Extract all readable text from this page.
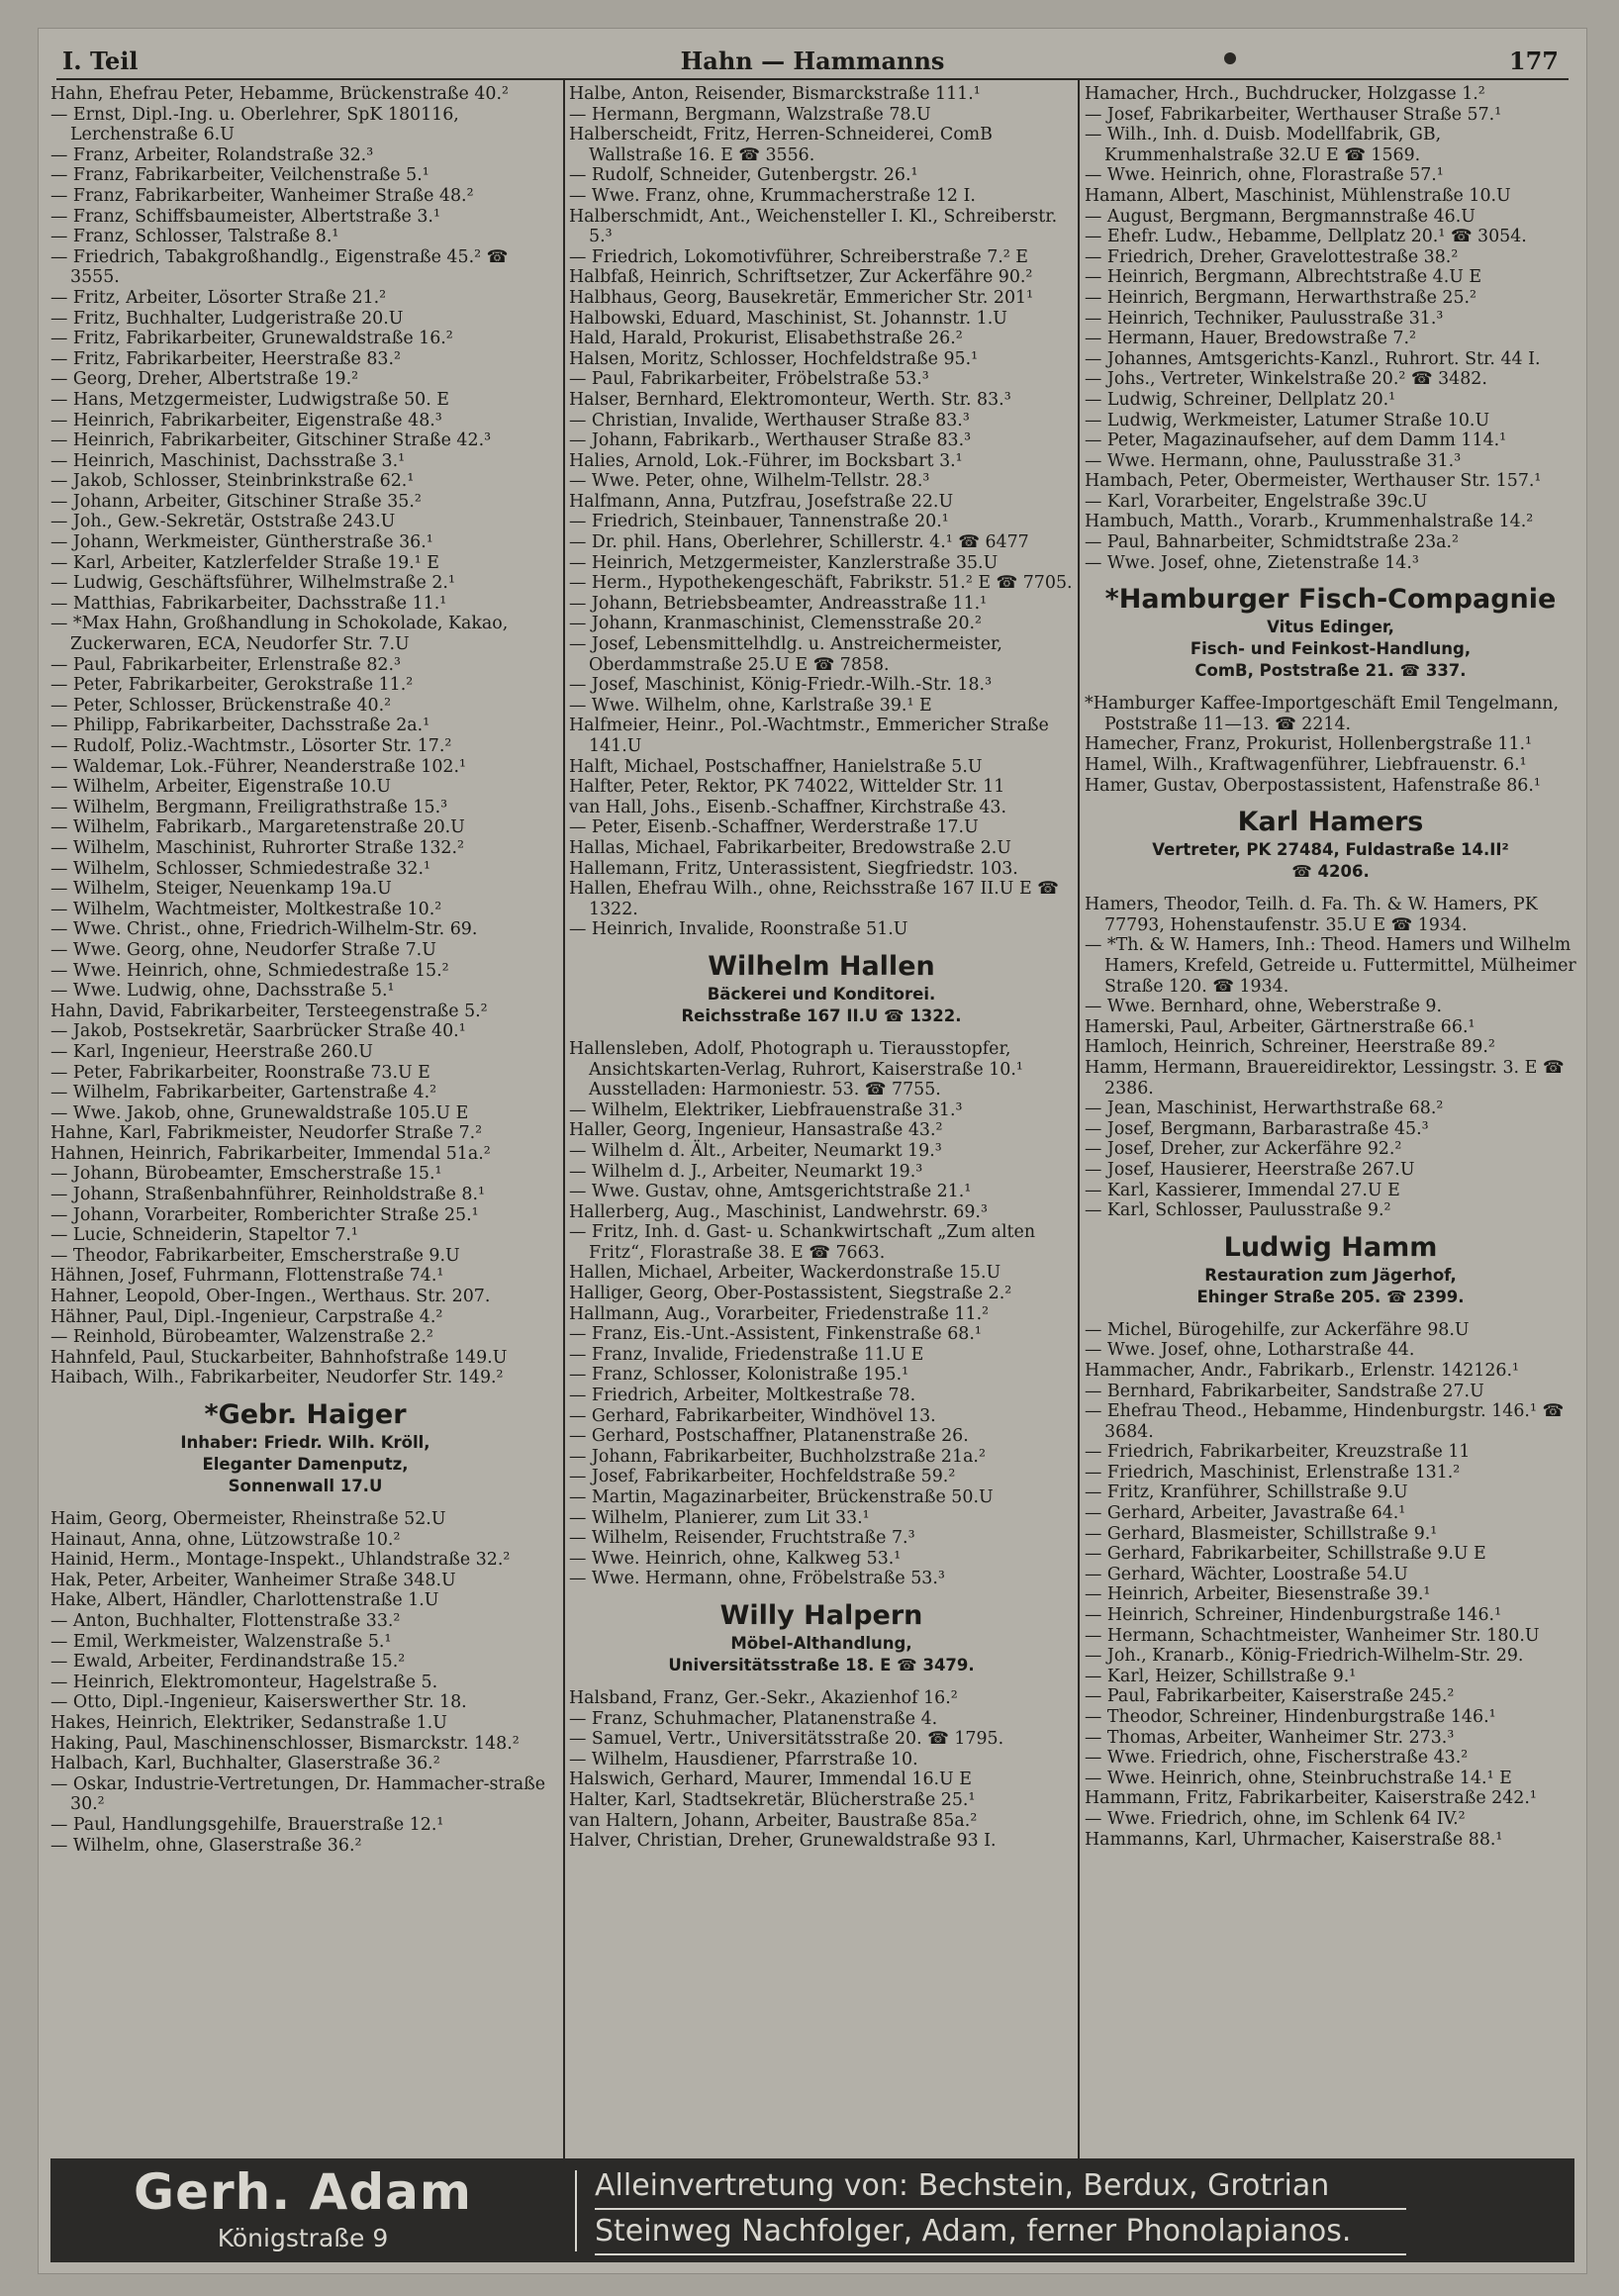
I. Teil	Hahn — Hammanns	177
Hahn, Ehefrau Peter, Hebamme, Brückenstraße 40.²
— Ernst, Dipl.-Ing. u. Oberlehrer, SpK 180116, Lerchenstraße 6.U
— Franz, Arbeiter, Rolandstraße 32.³
— Franz, Fabrikarbeiter, Veilchenstraße 5.¹
— Franz, Fabrikarbeiter, Wanheimer Straße 48.²
— Franz, Schiffsbaumeister, Albertstraße 3.¹
— Franz, Schlosser, Talstraße 8.¹
— Friedrich, Tabakgroßhandlg., Eigenstraße 45.² ☎ 3555.
— Fritz, Arbeiter, Lösorter Straße 21.²
— Fritz, Buchhalter, Ludgeristraße 20.U
— Fritz, Fabrikarbeiter, Grunewaldstraße 16.²
— Fritz, Fabrikarbeiter, Heerstraße 83.²
— Georg, Dreher, Albertstraße 19.²
— Hans, Metzgermeister, Ludwigstraße 50. E
— Heinrich, Fabrikarbeiter, Eigenstraße 48.³
— Heinrich, Fabrikarbeiter, Gitschiner Straße 42.³
— Heinrich, Maschinist, Dachsstraße 3.¹
— Jakob, Schlosser, Steinbrinkstraße 62.¹
— Johann, Arbeiter, Gitschiner Straße 35.²
— Joh., Gew.-Sekretär, Oststraße 243.U
— Johann, Werkmeister, Güntherstraße 36.¹
— Karl, Arbeiter, Katzlerfelder Straße 19.¹ E
— Ludwig, Geschäftsführer, Wilhelmstraße 2.¹
— Matthias, Fabrikarbeiter, Dachsstraße 11.¹
— *Max Hahn, Großhandlung in Schokolade, Kakao, Zuckerwaren, ECA, Neudorfer Str. 7.U
— Paul, Fabrikarbeiter, Erlenstraße 82.³
— Peter, Fabrikarbeiter, Gerokstraße 11.²
— Peter, Schlosser, Brückenstraße 40.²
— Philipp, Fabrikarbeiter, Dachsstraße 2a.¹
— Rudolf, Poliz.-Wachtmstr., Lösorter Str. 17.²
— Waldemar, Lok.-Führer, Neanderstraße 102.¹
— Wilhelm, Arbeiter, Eigenstraße 10.U
— Wilhelm, Bergmann, Freiligrathstraße 15.³
— Wilhelm, Fabrikarb., Margaretenstraße 20.U
— Wilhelm, Maschinist, Ruhrorter Straße 132.²
— Wilhelm, Schlosser, Schmiedestraße 32.¹
— Wilhelm, Steiger, Neuenkamp 19a.U
— Wilhelm, Wachtmeister, Moltkestraße 10.²
— Wwe. Christ., ohne, Friedrich-Wilhelm-Str. 69.
— Wwe. Georg, ohne, Neudorfer Straße 7.U
— Wwe. Heinrich, ohne, Schmiedestraße 15.²
— Wwe. Ludwig, ohne, Dachsstraße 5.¹
Hahn, David, Fabrikarbeiter, Tersteegenstraße 5.²
— Jakob, Postsekretär, Saarbrücker Straße 40.¹
— Karl, Ingenieur, Heerstraße 260.U
— Peter, Fabrikarbeiter, Roonstraße 73.U E
— Wilhelm, Fabrikarbeiter, Gartenstraße 4.²
— Wwe. Jakob, ohne, Grunewaldstraße 105.U E
Hahne, Karl, Fabrikmeister, Neudorfer Straße 7.²
Hahnen, Heinrich, Fabrikarbeiter, Immendal 51a.²
— Johann, Bürobeamter, Emscherstraße 15.¹
— Johann, Straßenbahnführer, Reinholdstraße 8.¹
— Johann, Vorarbeiter, Romberichter Straße 25.¹
— Lucie, Schneiderin, Stapeltor 7.¹
— Theodor, Fabrikarbeiter, Emscherstraße 9.U
Hähnen, Josef, Fuhrmann, Flottenstraße 74.¹
Hahner, Leopold, Ober-Ingen., Werthaus. Str. 207.
Hähner, Paul, Dipl.-Ingenieur, Carpstraße 4.²
— Reinhold, Bürobeamter, Walzenstraße 2.²
Hahnfeld, Paul, Stuckarbeiter, Bahnhofstraße 149.U
Haibach, Wilh., Fabrikarbeiter, Neudorfer Str. 149.²
*Gebr. Haiger
Inhaber: Friedr. Wilh. Kröll,
Eleganter Damenputz,
Sonnenwall 17.U
Haim, Georg, Obermeister, Rheinstraße 52.U
Hainaut, Anna, ohne, Lützowstraße 10.²
Hainid, Herm., Montage-Inspekt., Uhlandstraße 32.²
Hak, Peter, Arbeiter, Wanheimer Straße 348.U
Hake, Albert, Händler, Charlottenstraße 1.U
— Anton, Buchhalter, Flottenstraße 33.²
— Emil, Werkmeister, Walzenstraße 5.¹
— Ewald, Arbeiter, Ferdinandstraße 15.²
— Heinrich, Elektromonteur, Hagelstraße 5.
— Otto, Dipl.-Ingenieur, Kaiserswerther Str. 18.
Hakes, Heinrich, Elektriker, Sedanstraße 1.U
Haking, Paul, Maschinenschlosser, Bismarckstr. 148.²
Halbach, Karl, Buchhalter, Glaserstraße 36.²
— Oskar, Industrie-Vertretungen, Dr. Hammacher-straße 30.²
— Paul, Handlungsgehilfe, Brauerstraße 12.¹
— Wilhelm, ohne, Glaserstraße 36.²
Halbe, Anton, Reisender, Bismarckstraße 111.¹
— Hermann, Bergmann, Walzstraße 78.U
Halberscheidt, Fritz, Herren-Schneiderei, ComB Wallstraße 16. E ☎ 3556.
— Rudolf, Schneider, Gutenbergstr. 26.¹
— Wwe. Franz, ohne, Krummacherstraße 12 I.
Halberschmidt, Ant., Weichensteller I. Kl., Schreiberstr. 5.³
— Friedrich, Lokomotivführer, Schreiberstraße 7.² E
Halbfaß, Heinrich, Schriftsetzer, Zur Ackerfähre 90.²
Halbhaus, Georg, Bausekretär, Emmericher Str. 201¹
Halbowski, Eduard, Maschinist, St. Johannstr. 1.U
Hald, Harald, Prokurist, Elisabethstraße 26.²
Halsen, Moritz, Schlosser, Hochfeldstraße 95.¹
— Paul, Fabrikarbeiter, Fröbelstraße 53.³
Halser, Bernhard, Elektromonteur, Werth. Str. 83.³
— Christian, Invalide, Werthauser Straße 83.³
— Johann, Fabrikarb., Werthauser Straße 83.³
Halies, Arnold, Lok.-Führer, im Bocksbart 3.¹
— Wwe. Peter, ohne, Wilhelm-Tellstr. 28.³
Halfmann, Anna, Putzfrau, Josefstraße 22.U
— Friedrich, Steinbauer, Tannenstraße 20.¹
— Dr. phil. Hans, Oberlehrer, Schillerstr. 4.¹ ☎ 6477
— Heinrich, Metzgermeister, Kanzlerstraße 35.U
— Herm., Hypothekengeschäft, Fabrikstr. 51.² E ☎ 7705.
— Johann, Betriebsbeamter, Andreasstraße 11.¹
— Johann, Kranmaschinist, Clemensstraße 20.²
— Josef, Lebensmittelhdlg. u. Anstreichermeister, Oberdammstraße 25.U E ☎ 7858.
— Josef, Maschinist, König-Friedr.-Wilh.-Str. 18.³
— Wwe. Wilhelm, ohne, Karlstraße 39.¹ E
Halfmeier, Heinr., Pol.-Wachtmstr., Emmericher Straße 141.U
Halft, Michael, Postschaffner, Hanielstraße 5.U
Halfter, Peter, Rektor, PK 74022, Wittelder Str. 11
van Hall, Johs., Eisenb.-Schaffner, Kirchstraße 43.
— Peter, Eisenb.-Schaffner, Werderstraße 17.U
Hallas, Michael, Fabrikarbeiter, Bredowstraße 2.U
Hallemann, Fritz, Unterassistent, Siegfriedstr. 103.
Hallen, Ehefrau Wilh., ohne, Reichsstraße 167 II.U E ☎ 1322.
— Heinrich, Invalide, Roonstraße 51.U
Wilhelm Hallen
Bäckerei und Konditorei.
Reichsstraße 167 II.U ☎ 1322.
Hallensleben, Adolf, Photograph u. Tierausstopfer, Ansichtskarten-Verlag, Ruhrort, Kaiserstraße 10.¹ Ausstelladen: Harmoniestr. 53. ☎ 7755.
— Wilhelm, Elektriker, Liebfrauenstraße 31.³
Haller, Georg, Ingenieur, Hansastraße 43.²
— Wilhelm d. Ält., Arbeiter, Neumarkt 19.³
— Wilhelm d. J., Arbeiter, Neumarkt 19.³
— Wwe. Gustav, ohne, Amtsgerichtstraße 21.¹
Hallerberg, Aug., Maschinist, Landwehrstr. 69.³
— Fritz, Inh. d. Gast- u. Schankwirtschaft „Zum alten Fritz“, Florastraße 38. E ☎ 7663.
Hallen, Michael, Arbeiter, Wackerdonstraße 15.U
Halliger, Georg, Ober-Postassistent, Siegstraße 2.²
Hallmann, Aug., Vorarbeiter, Friedenstraße 11.²
— Franz, Eis.-Unt.-Assistent, Finkenstraße 68.¹
— Franz, Invalide, Friedenstraße 11.U E
— Franz, Schlosser, Kolonistraße 195.¹
— Friedrich, Arbeiter, Moltkestraße 78.
— Gerhard, Fabrikarbeiter, Windhövel 13.
— Gerhard, Postschaffner, Platanenstraße 26.
— Johann, Fabrikarbeiter, Buchholzstraße 21a.²
— Josef, Fabrikarbeiter, Hochfeldstraße 59.²
— Martin, Magazinarbeiter, Brückenstraße 50.U
— Wilhelm, Planierer, zum Lit 33.¹
— Wilhelm, Reisender, Fruchtstraße 7.³
— Wwe. Heinrich, ohne, Kalkweg 53.¹
— Wwe. Hermann, ohne, Fröbelstraße 53.³
Willy Halpern
Möbel-Althandlung,
Universitätsstraße 18. E ☎ 3479.
Halsband, Franz, Ger.-Sekr., Akazienhof 16.²
— Franz, Schuhmacher, Platanenstraße 4.
— Samuel, Vertr., Universitätsstraße 20. ☎ 1795.
— Wilhelm, Hausdiener, Pfarrstraße 10.
Halswich, Gerhard, Maurer, Immendal 16.U E
Halter, Karl, Stadtsekretär, Blücherstraße 25.¹
van Haltern, Johann, Arbeiter, Baustraße 85a.²
Halver, Christian, Dreher, Grunewaldstraße 93 I.
Hamacher, Hrch., Buchdrucker, Holzgasse 1.²
— Josef, Fabrikarbeiter, Werthauser Straße 57.¹
— Wilh., Inh. d. Duisb. Modellfabrik, GB, Krummenhalstraße 32.U E ☎ 1569.
— Wwe. Heinrich, ohne, Florastraße 57.¹
Hamann, Albert, Maschinist, Mühlenstraße 10.U
— August, Bergmann, Bergmannstraße 46.U
— Ehefr. Ludw., Hebamme, Dellplatz 20.¹ ☎ 3054.
— Friedrich, Dreher, Gravelottestraße 38.²
— Heinrich, Bergmann, Albrechtstraße 4.U E
— Heinrich, Bergmann, Herwarthstraße 25.²
— Heinrich, Techniker, Paulusstraße 31.³
— Hermann, Hauer, Bredowstraße 7.²
— Johannes, Amtsgerichts-Kanzl., Ruhrort. Str. 44 I.
— Johs., Vertreter, Winkelstraße 20.² ☎ 3482.
— Ludwig, Schreiner, Dellplatz 20.¹
— Ludwig, Werkmeister, Latumer Straße 10.U
— Peter, Magazinaufseher, auf dem Damm 114.¹
— Wwe. Hermann, ohne, Paulusstraße 31.³
Hambach, Peter, Obermeister, Werthauser Str. 157.¹
— Karl, Vorarbeiter, Engelstraße 39c.U
Hambuch, Matth., Vorarb., Krummenhalstraße 14.²
— Paul, Bahnarbeiter, Schmidtstraße 23a.²
— Wwe. Josef, ohne, Zietenstraße 14.³
*Hamburger Fisch-Compagnie
Vitus Edinger,
Fisch- und Feinkost-Handlung,
ComB, Poststraße 21. ☎ 337.
*Hamburger Kaffee-Importgeschäft Emil Tengelmann, Poststraße 11—13. ☎ 2214.
Hamecher, Franz, Prokurist, Hollenbergstraße 11.¹
Hamel, Wilh., Kraftwagenführer, Liebfrauenstr. 6.¹
Hamer, Gustav, Oberpostassistent, Hafenstraße 86.¹
Karl Hamers
Vertreter, PK 27484, Fuldastraße 14.II²
☎ 4206.
Hamers, Theodor, Teilh. d. Fa. Th. & W. Hamers, PK 77793, Hohenstaufenstr. 35.U E ☎ 1934.
— *Th. & W. Hamers, Inh.: Theod. Hamers und Wilhelm Hamers, Krefeld, Getreide u. Futtermittel, Mülheimer Straße 120. ☎ 1934.
— Wwe. Bernhard, ohne, Weberstraße 9.
Hamerski, Paul, Arbeiter, Gärtnerstraße 66.¹
Hamloch, Heinrich, Schreiner, Heerstraße 89.²
Hamm, Hermann, Brauereidirektor, Lessingstr. 3. E ☎ 2386.
— Jean, Maschinist, Herwarthstraße 68.²
— Josef, Bergmann, Barbarastraße 45.³
— Josef, Dreher, zur Ackerfähre 92.²
— Josef, Hausierer, Heerstraße 267.U
— Karl, Kassierer, Immendal 27.U E
— Karl, Schlosser, Paulusstraße 9.²
Ludwig Hamm
Restauration zum Jägerhof,
Ehinger Straße 205. ☎ 2399.
— Michel, Bürogehilfe, zur Ackerfähre 98.U
— Wwe. Josef, ohne, Lotharstraße 44.
Hammacher, Andr., Fabrikarb., Erlenstr. 142126.¹
— Bernhard, Fabrikarbeiter, Sandstraße 27.U
— Ehefrau Theod., Hebamme, Hindenburgstr. 146.¹ ☎ 3684.
— Friedrich, Fabrikarbeiter, Kreuzstraße 11
— Friedrich, Maschinist, Erlenstraße 131.²
— Fritz, Kranführer, Schillstraße 9.U
— Gerhard, Arbeiter, Javastraße 64.¹
— Gerhard, Blasmeister, Schillstraße 9.¹
— Gerhard, Fabrikarbeiter, Schillstraße 9.U E
— Gerhard, Wächter, Loostraße 54.U
— Heinrich, Arbeiter, Biesenstraße 39.¹
— Heinrich, Schreiner, Hindenburgstraße 146.¹
— Hermann, Schachtmeister, Wanheimer Str. 180.U
— Joh., Kranarb., König-Friedrich-Wilhelm-Str. 29.
— Karl, Heizer, Schillstraße 9.¹
— Paul, Fabrikarbeiter, Kaiserstraße 245.²
— Theodor, Schreiner, Hindenburgstraße 146.¹
— Thomas, Arbeiter, Wanheimer Str. 273.³
— Wwe. Friedrich, ohne, Fischerstraße 43.²
— Wwe. Heinrich, ohne, Steinbruchstraße 14.¹ E
Hammann, Fritz, Fabrikarbeiter, Kaiserstraße 242.¹
— Wwe. Friedrich, ohne, im Schlenk 64 IV.²
Hammanns, Karl, Uhrmacher, Kaiserstraße 88.¹
Gerh. Adam
Königstraße 9
Alleinvertretung von: Bechstein, Berdux, Grotrian
Steinweg Nachfolger, Adam, ferner Phonolapianos.
